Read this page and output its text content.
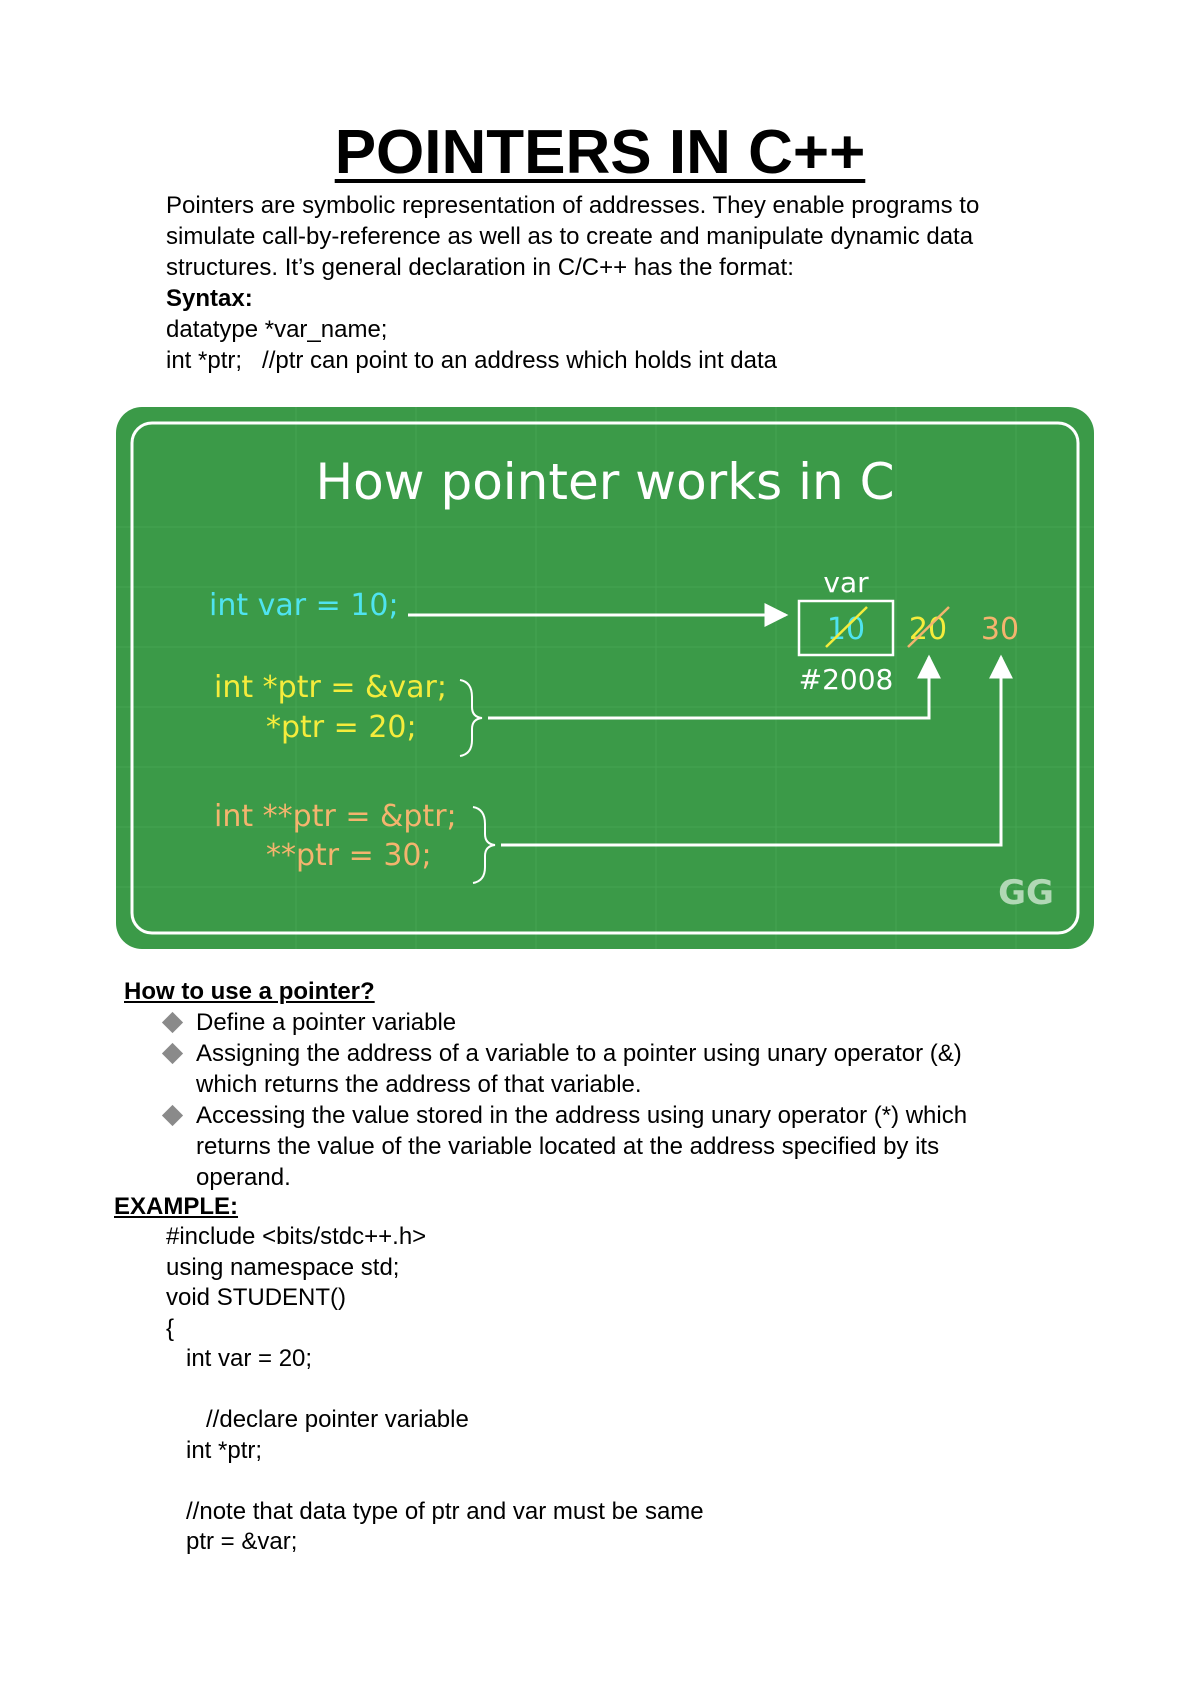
POINTERS IN C++

Pointers are symbolic representation of addresses. They enable programs to

simulate call-by-reference as well as to create and manipulate dynamic data

structures. It’s general declaration in C/C++ has the format:

Syntax:

datatype *var_name;

int *ptr;   //ptr can point to an address which holds int data

How pointer works in C
int var = 10;
var
10
#2008
20 30
int *ptr = &var;
*ptr = 20;
int **ptr = &ptr;
**ptr = 30;
GG
How to use a pointer?
Define a pointer variable
Assigning the address of a variable to a pointer using unary operator (&)
which returns the address of that variable.
Accessing the value stored in the address using unary operator (*) which
returns the value of the variable located at the address specified by its
operand.
EXAMPLE:
#include <bits/stdc++.h>
using namespace std;
void STUDENT()
{
int var = 20;
//declare pointer variable
int *ptr;
//note that data type of ptr and var must be same
ptr = &var;
